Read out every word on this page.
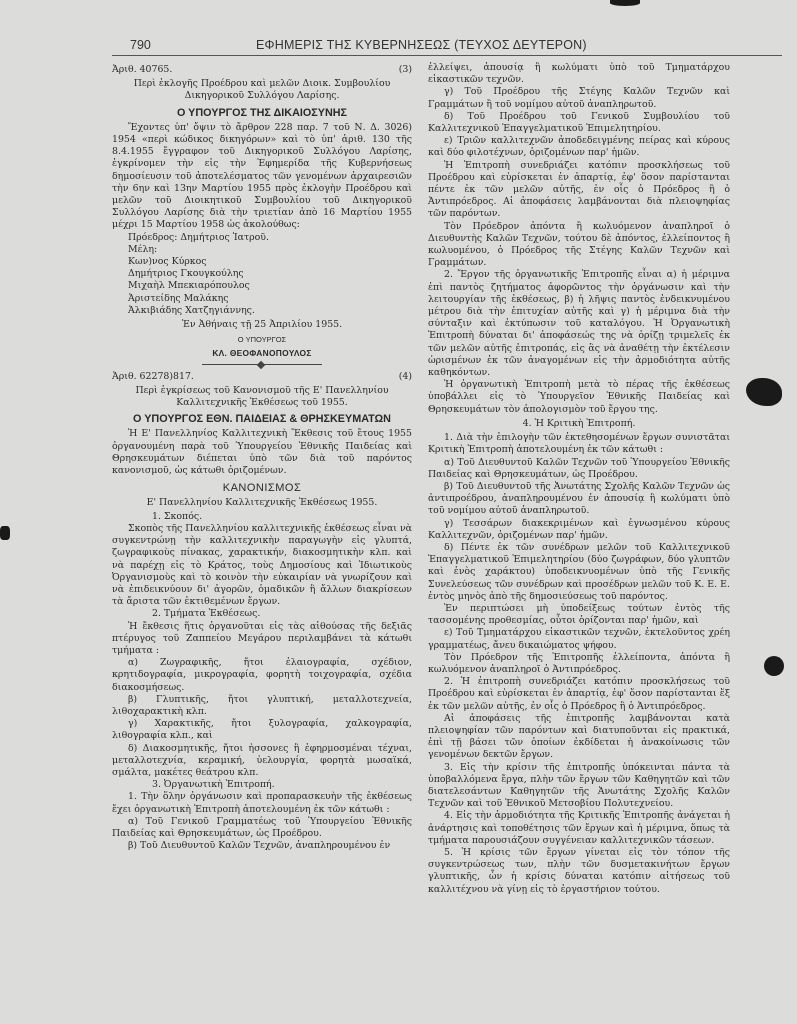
790	ΕΦΗΜΕΡΙΣ ΤΗΣ ΚΥΒΕΡΝΗΣΕΩΣ (ΤΕΥΧΟΣ ΔΕΥΤΕΡΟΝ)
Ἀριθ. 40765.	(3)

Περὶ ἐκλογῆς Προέδρου καὶ μελῶν Διοικ. Συμβουλίου Δικηγορικοῦ Συλλόγου Λαρίσης.

Ο ΥΠΟΥΡΓΟΣ ΤΗΣ ΔΙΚΑΙΟΣΥΝΗΣ

Ἔχοντες ὑπ' ὄψιν τὸ ἄρθρον 228 παρ. 7 τοῦ Ν. Δ. 3026) 1954 «περὶ κώδικος δικηγόρων» καὶ τὸ ὑπ' ἀριθ. 130 τῆς 8.4.1955 ἔγγραφον τοῦ Δικηγορικοῦ Συλλόγου Λαρίσης, ἐγκρίνομεν τὴν εἰς τὴν Ἐφημερίδα τῆς Κυβερνήσεως δημοσίευσιν τοῦ ἀποτελέσματος τῶν γενομένων ἀρχαιρεσιῶν τὴν 6ην καὶ 13ην Μαρτίου 1955 πρὸς ἐκλογὴν Προέδρου καὶ μελῶν τοῦ Διοικητικοῦ Συμβουλίου τοῦ Δικηγορικοῦ Συλλόγου Λαρίσης διὰ τὴν τριετίαν ἀπὸ 16 Μαρτίου 1955 μέχρι 15 Μαρτίου 1958 ὡς ἀκολούθως:

Πρόεδρος: Δημήτριος Ἰατροῦ.

Μέλη:

Κων)νος Κύρκος

Δημήτριος Γκουγκούλης

Μιχαὴλ Μπεκιαρόπουλος

Ἀριστείδης Μαλάκης

Ἀλκιβιάδης Χατζηγιάννης.

Ἐν Ἀθήναις τῇ 25 Ἀπριλίου 1955.

Ο ΥΠΟΥΡΓΟΣ

ΚΛ. ΘΕΟΦΑΝΟΠΟΥΛΟΣ

Ἀριθ. 62278)817.	(4)

Περὶ ἐγκρίσεως τοῦ Κανονισμοῦ τῆς Ε' Πανελληνίου Καλλιτεχνικῆς Ἐκθέσεως τοῦ 1955.

Ο ΥΠΟΥΡΓΟΣ ΕΘΝ. ΠΑΙΔΕΙΑΣ & ΘΡΗΣΚΕΥΜΑΤΩΝ

Ἡ Ε' Πανελληνίος Καλλιτεχνικὴ Ἔκθεσις τοῦ ἔτους 1955 ὀργανουμένη παρὰ τοῦ Ὑπουργείου Ἐθνικῆς Παιδείας καὶ Θρησκευμάτων διέπεται ὑπὸ τῶν διὰ τοῦ παρόντος κανονισμοῦ, ὡς κάτωθι ὁριζομένων.

ΚΑΝΟΝΙΣΜΟΣ

Ε' Πανελληνίου Καλλιτεχνικῆς Ἐκθέσεως 1955.

1. Σκοπός.

Σκοπὸς τῆς Πανελληνίου καλλιτεχνικῆς ἐκθέσεως εἶναι νὰ συγκεντρώνῃ τὴν καλλιτεχνικὴν παραγωγὴν εἰς γλυπτά, ζωγραφικοὺς πίνακας, χαρακτικήν, διακοσμητικὴν κλπ. καὶ νὰ παρέχῃ εἰς τὸ Κράτος, τοὺς Δημοσίους καὶ Ἰδιωτικοὺς Ὀργανισμοὺς καὶ τὸ κοινὸν τὴν εὐκαιρίαν νὰ γνωρίζουν καὶ νὰ ἐπιδεικνύουν δι' ἀγορῶν, ὁμαδικῶν ἢ ἄλλων διακρίσεων τὰ ἄριστα τῶν ἐκτιθεμένων ἔργων.

2. Τμήματα Ἐκθέσεως.

Ἡ ἔκθεσις ἥτις ὀργανοῦται εἰς τὰς αἰθούσας τῆς δεξιᾶς πτέρυγος τοῦ Ζαππείου Μεγάρου περιλαμβάνει τὰ κάτωθι τμήματα :

α) Ζωγραφικῆς, ἤτοι ἐλαιογραφία, σχέδιον, κρητιδογραφία, μικρογραφία, φορητὴ τοιχογραφία, σχέδια διακοσμήσεως.

β) Γλυπτικῆς, ἤτοι γλυπτική, μεταλλοτεχνεία, λιθοχαρακτικὴ κλπ.

γ) Χαρακτικῆς, ἤτοι ξυλογραφία, χαλκογραφία, λιθογραφία κλπ., καὶ

δ) Διακοσμητικῆς, ἤτοι ἠσσονες ἢ ἐφηρμοσμέναι τέχναι, μεταλλοτεχνία, κεραμική, ὑελουργία, φορητὰ μωσαϊκά, σμάλτα, μακέτες θεάτρου κλπ.

3. Ὀργανωτικὴ Ἐπιτροπή.

1. Τὴν ὅλην ὀργάνωσιν καὶ προπαρασκευὴν τῆς ἐκθέσεως ἔχει ὀργανωτικὴ Ἐπιτροπὴ ἀποτελουμένη ἐκ τῶν κάτωθι :

α) Τοῦ Γενικοῦ Γραμματέως τοῦ Ὑπουργείου Ἐθνικῆς Παιδείας καὶ Θρησκευμάτων, ὡς Προέδρου.

β) Τοῦ Διευθυντοῦ Καλῶν Τεχνῶν, ἀναπληρουμένου ἐν

ἐλλείψει, ἀπουσίᾳ ἢ κωλύματι ὑπὸ τοῦ Τμηματάρχου εἰκαστικῶν τεχνῶν.

γ) Τοῦ Προέδρου τῆς Στέγης Καλῶν Τεχνῶν καὶ Γραμμάτων ἢ τοῦ νομίμου αὐτοῦ ἀναπληρωτοῦ.

δ) Τοῦ Προέδρου τοῦ Γενικοῦ Συμβουλίου τοῦ Καλλιτεχνικοῦ Ἐπαγγελματικοῦ Ἐπιμελητηρίου.

ε) Τριῶν καλλιτεχνῶν ἀποδεδειγμένης πείρας καὶ κύρους καὶ δύο φιλοτέχνων, ὁριζομένων παρ' ἡμῶν.

Ἡ Ἐπιτροπὴ συνεδριάζει κατόπιν προσκλήσεως τοῦ Προέδρου καὶ εὑρίσκεται ἐν ἀπαρτίᾳ, ἐφ' ὅσον παρίστανται πέντε ἐκ τῶν μελῶν αὐτῆς, ἐν οἷς ὁ Πρόεδρος ἢ ὁ Ἀντιπρόεδρος. Αἱ ἀποφάσεις λαμβάνονται διὰ πλειοψηφίας τῶν παρόντων.

Τὸν Πρόεδρον ἀπόντα ἢ κωλυόμενον ἀναπληροῖ ὁ Διευθυντὴς Καλῶν Τεχνῶν, τούτου δὲ ἀπόντος, ἐλλείποντος ἢ κωλυομένου, ὁ Πρόεδρος τῆς Στέγης Καλῶν Τεχνῶν καὶ Γραμμάτων.

2. Ἔργον τῆς ὀργανωτικῆς Ἐπιτροπῆς εἶναι α) ἡ μέριμνα ἐπὶ παντὸς ζητήματος ἀφορῶντος τὴν ὀργάνωσιν καὶ τὴν λειτουργίαν τῆς ἐκθέσεως, β) ἡ λῆψις παντὸς ἐνδεικνυμένου μέτρου διὰ τὴν ἐπιτυχίαν αὐτῆς καὶ γ) ἡ μέριμνα διὰ τὴν σύνταξιν καὶ ἐκτύπωσιν τοῦ καταλόγου. Ἡ Ὀργανωτικὴ Ἐπιτροπὴ δύναται δι' ἀποφάσεώς της νὰ ὁρίζῃ τριμελεῖς ἐκ τῶν μελῶν αὐτῆς ἐπιτροπάς, εἰς ἃς νὰ ἀναθέτῃ τὴν ἐκτέλεσιν ὡρισμένων ἐκ τῶν ἀναγομένων εἰς τὴν ἁρμοδιότητα αὐτῆς καθηκόντων.

Ἡ ὀργανωτικὴ Ἐπιτροπὴ μετὰ τὸ πέρας τῆς ἐκθέσεως ὑποβάλλει εἰς τὸ Ὑπουργεῖον Ἐθνικῆς Παιδείας καὶ Θρησκευμάτων τὸν ἀπολογισμὸν τοῦ ἔργου της.

4. Ἡ Κριτικὴ Ἐπιτροπή.

1. Διὰ τὴν ἐπιλογὴν τῶν ἐκτεθησομένων ἔργων συνιστᾶται Κριτικὴ Ἐπιτροπὴ ἀποτελουμένη ἐκ τῶν κάτωθι :

α) Τοῦ Διευθυντοῦ Καλῶν Τεχνῶν τοῦ Ὑπουργείου Ἐθνικῆς Παιδείας καὶ Θρησκευμάτων, ὡς Προέδρου.

β) Τοῦ Διευθυντοῦ τῆς Ἀνωτάτης Σχολῆς Καλῶν Τεχνῶν ὡς ἀντιπροέδρου, ἀναπληρουμένου ἐν ἀπουσίᾳ ἢ κωλύματι ὑπὸ τοῦ νομίμου αὐτοῦ ἀναπληρωτοῦ.

γ) Τεσσάρων διακεκριμένων καὶ ἐγνωσμένου κύρους Καλλιτεχνῶν, ὁριζομένων παρ' ἡμῶν.

δ) Πέντε ἐκ τῶν συνέδρων μελῶν τοῦ Καλλιτεχνικοῦ Ἐπαγγελματικοῦ Ἐπιμελητηρίου (δύο ζωγράφων, δύο γλυπτῶν καὶ ἑνὸς χαράκτου) ὑποδεικνυομένων ὑπὸ τῆς Γενικῆς Συνελεύσεως τῶν συνέδρων καὶ προσέδρων μελῶν τοῦ Κ. Ε. Ε. ἐντὸς μηνὸς ἀπὸ τῆς δημοσιεύσεως τοῦ παρόντος.

Ἐν περιπτώσει μὴ ὑποδείξεως τούτων ἐντὸς τῆς τασσομένης προθεσμίας, οὗτοι ὁρίζονται παρ' ἡμῶν, καὶ

ε) Τοῦ Τμηματάρχου εἰκαστικῶν τεχνῶν, ἐκτελοῦντος χρέη γραμματέως, ἄνευ δικαιώματος ψήφου.

Τὸν Πρόεδρον τῆς Ἐπιτροπῆς ἐλλείποντα, ἀπόντα ἢ κωλυόμενον ἀναπληροῖ ὁ Ἀντιπρόεδρος.

2. Ἡ ἐπιτροπὴ συνεδριάζει κατόπιν προσκλήσεως τοῦ Προέδρου καὶ εὑρίσκεται ἐν ἀπαρτίᾳ, ἐφ' ὅσον παρίστανται ἕξ ἐκ τῶν μελῶν αὐτῆς, ἐν οἷς ὁ Πρόεδρος ἢ ὁ Ἀντιπρόεδρος.

Αἱ ἀποφάσεις τῆς ἐπιτροπῆς λαμβάνονται κατὰ πλειοψηφίαν τῶν παρόντων καὶ διατυποῦνται εἰς πρακτικά, ἐπὶ τῇ βάσει τῶν ὁποίων ἐκδίδεται ἡ ἀνακοίνωσις τῶν γενομένων δεκτῶν ἔργων.

3. Εἰς τὴν κρίσιν τῆς ἐπιτροπῆς ὑπόκεινται πάντα τὰ ὑποβαλλόμενα ἔργα, πλὴν τῶν ἔργων τῶν Καθηγητῶν καὶ τῶν διατελεσάντων Καθηγητῶν τῆς Ἀνωτάτης Σχολῆς Καλῶν Τεχνῶν καὶ τοῦ Ἐθνικοῦ Μετσοβίου Πολυτεχνείου.

4. Εἰς τὴν ἁρμοδιότητα τῆς Κριτικῆς Ἐπιτροπῆς ἀνάγεται ἡ ἀνάρτησις καὶ τοποθέτησις τῶν ἔργων καὶ ἡ μέριμνα, ὅπως τὰ τμήματα παρουσιάζουν συγγένειαν καλλιτεχνικῶν τάσεων.

5. Ἡ κρίσις τῶν ἔργων γίνεται εἰς τὸν τόπον τῆς συγκεντρώσεως των, πλὴν τῶν δυσμετακινήτων ἔργων γλυπτικῆς, ὧν ἡ κρίσις δύναται κατόπιν αἰτήσεως τοῦ καλλιτέχνου νὰ γίνῃ εἰς τὸ ἐργαστήριον τούτου.
